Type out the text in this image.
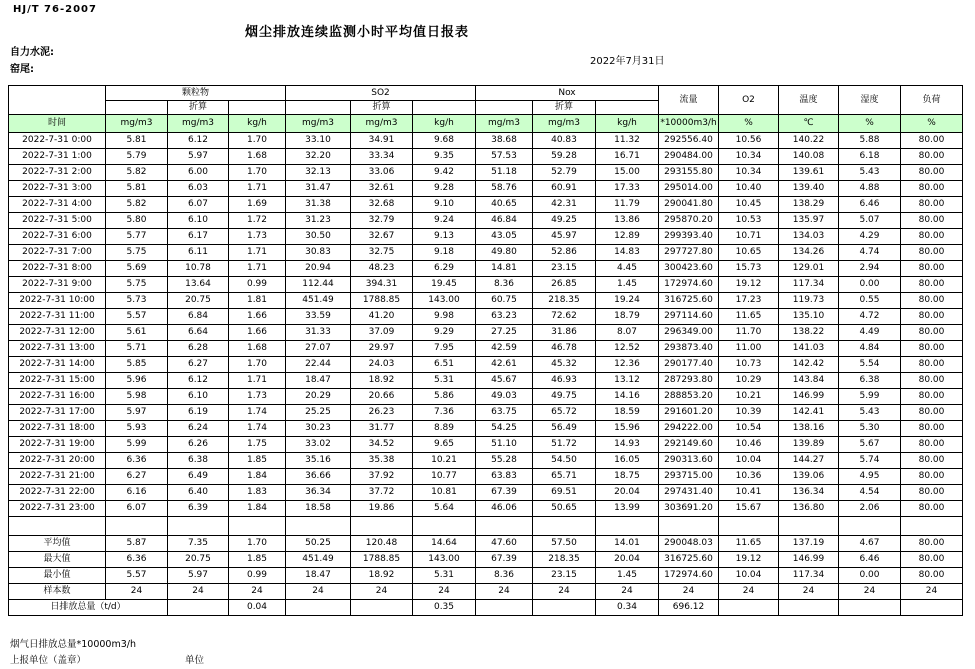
HJ/T 76-2007
烟尘排放连续监测小时平均值日报表
自力水泥:
窑尾:
2022年7月31日
	颗粒物			SO2			Nox			流量	O2	温度	湿度	负荷
		折算			折算			折算						
时间	mg/m3	mg/m3	kg/h	mg/m3	mg/m3	kg/h	mg/m3	mg/m3	kg/h	*10000m3/h	%	℃	%	%
2022-7-31 0:00	5.81	6.12	1.70	33.10	34.91	9.68	38.68	40.83	11.32	292556.40	10.56	140.22	5.88	80.00
2022-7-31 1:00	5.79	5.97	1.68	32.20	33.34	9.35	57.53	59.28	16.71	290484.00	10.34	140.08	6.18	80.00
2022-7-31 2:00	5.82	6.00	1.70	32.13	33.06	9.42	51.18	52.79	15.00	293155.80	10.34	139.61	5.43	80.00
2022-7-31 3:00	5.81	6.03	1.71	31.47	32.61	9.28	58.76	60.91	17.33	295014.00	10.40	139.40	4.88	80.00
2022-7-31 4:00	5.82	6.07	1.69	31.38	32.68	9.10	40.65	42.31	11.79	290041.80	10.45	138.29	6.46	80.00
2022-7-31 5:00	5.80	6.10	1.72	31.23	32.79	9.24	46.84	49.25	13.86	295870.20	10.53	135.97	5.07	80.00
2022-7-31 6:00	5.77	6.17	1.73	30.50	32.67	9.13	43.05	45.97	12.89	299393.40	10.71	134.03	4.29	80.00
2022-7-31 7:00	5.75	6.11	1.71	30.83	32.75	9.18	49.80	52.86	14.83	297727.80	10.65	134.26	4.74	80.00
2022-7-31 8:00	5.69	10.78	1.71	20.94	48.23	6.29	14.81	23.15	4.45	300423.60	15.73	129.01	2.94	80.00
2022-7-31 9:00	5.75	13.64	0.99	112.44	394.31	19.45	8.36	26.85	1.45	172974.60	19.12	117.34	0.00	80.00
2022-7-31 10:00	5.73	20.75	1.81	451.49	1788.85	143.00	60.75	218.35	19.24	316725.60	17.23	119.73	0.55	80.00
2022-7-31 11:00	5.57	6.84	1.66	33.59	41.20	9.98	63.23	72.62	18.79	297114.60	11.65	135.10	4.72	80.00
2022-7-31 12:00	5.61	6.64	1.66	31.33	37.09	9.29	27.25	31.86	8.07	296349.00	11.70	138.22	4.49	80.00
2022-7-31 13:00	5.71	6.28	1.68	27.07	29.97	7.95	42.59	46.78	12.52	293873.40	11.00	141.03	4.84	80.00
2022-7-31 14:00	5.85	6.27	1.70	22.44	24.03	6.51	42.61	45.32	12.36	290177.40	10.73	142.42	5.54	80.00
2022-7-31 15:00	5.96	6.12	1.71	18.47	18.92	5.31	45.67	46.93	13.12	287293.80	10.29	143.84	6.38	80.00
2022-7-31 16:00	5.98	6.10	1.73	20.29	20.66	5.86	49.03	49.75	14.16	288853.20	10.21	146.99	5.99	80.00
2022-7-31 17:00	5.97	6.19	1.74	25.25	26.23	7.36	63.75	65.72	18.59	291601.20	10.39	142.41	5.43	80.00
2022-7-31 18:00	5.93	6.24	1.74	30.23	31.77	8.89	54.25	56.49	15.96	294222.00	10.54	138.16	5.30	80.00
2022-7-31 19:00	5.99	6.26	1.75	33.02	34.52	9.65	51.10	51.72	14.93	292149.60	10.46	139.89	5.67	80.00
2022-7-31 20:00	6.36	6.38	1.85	35.16	35.38	10.21	55.28	54.50	16.05	290313.60	10.04	144.27	5.74	80.00
2022-7-31 21:00	6.27	6.49	1.84	36.66	37.92	10.77	63.83	65.71	18.75	293715.00	10.36	139.06	4.95	80.00
2022-7-31 22:00	6.16	6.40	1.83	36.34	37.72	10.81	67.39	69.51	20.04	297431.40	10.41	136.34	4.54	80.00
2022-7-31 23:00	6.07	6.39	1.84	18.58	19.86	5.64	46.06	50.65	13.99	303691.20	15.67	136.80	2.06	80.00

平均值	5.87	7.35	1.70	50.25	120.48	14.64	47.60	57.50	14.01	290048.03	11.65	137.19	4.67	80.00
最大值	6.36	20.75	1.85	451.49	1788.85	143.00	67.39	218.35	20.04	316725.60	19.12	146.99	6.46	80.00
最小值	5.57	5.97	0.99	18.47	18.92	5.31	8.36	23.15	1.45	172974.60	10.04	117.34	0.00	80.00
样本数	24	24	24	24	24	24	24	24	24	24	24	24	24	24
日排放总量（t/d）			0.04			0.35			0.34	696.12				
烟气日排放总量*10000m3/h
上报单位（盖章）	单位
